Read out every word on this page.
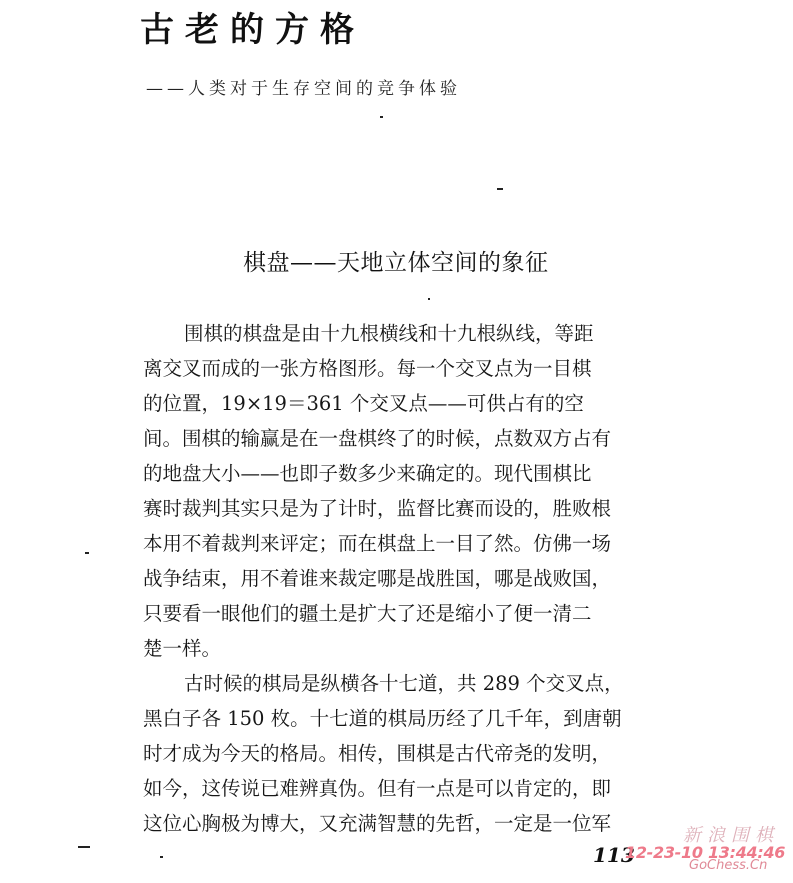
古老的方格
——人类对于生存空间的竞争体验
棋盘——天地立体空间的象征
围棋的棋盘是由十九根横线和十九根纵线，等距
离交叉而成的一张方格图形。每一个交叉点为一目棋
的位置，19×19＝361 个交叉点——可供占有的空
间。围棋的输赢是在一盘棋终了的时候，点数双方占有
的地盘大小——也即子数多少来确定的。现代围棋比
赛时裁判其实只是为了计时，监督比赛而设的，胜败根
本用不着裁判来评定；而在棋盘上一目了然。仿佛一场
战争结束，用不着谁来裁定哪是战胜国，哪是战败国，
只要看一眼他们的疆土是扩大了还是缩小了便一清二
楚一样。
古时候的棋局是纵横各十七道，共 289 个交叉点，
黑白子各 150 枚。十七道的棋局历经了几千年，到唐朝
时才成为今天的格局。相传，围棋是古代帝尧的发明，
如今，这传说已难辨真伪。但有一点是可以肯定的，即
这位心胸极为博大，又充满智慧的先哲，一定是一位军
新浪围棋
113
12-23-10 13:44:46
GoChess.Cn
